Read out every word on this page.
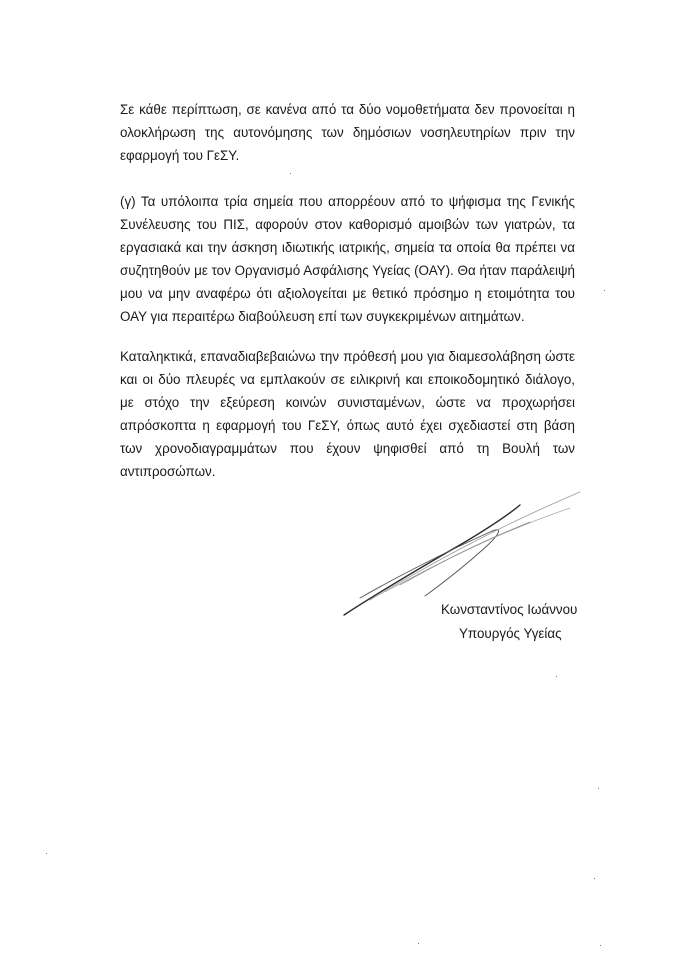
Σε κάθε περίπτωση, σε κανένα από τα δύο νομοθετήματα δεν προνοείται η ολοκλήρωση της αυτονόμησης των δημόσιων νοσηλευτηρίων πριν την εφαρμογή του ΓεΣΥ.

(γ) Τα υπόλοιπα τρία σημεία που απορρέουν από το ψήφισμα της Γενικής Συνέλευσης του ΠΙΣ, αφορούν στον καθορισμό αμοιβών των γιατρών, τα εργασιακά και την άσκηση ιδιωτικής ιατρικής, σημεία τα οποία θα πρέπει να συζητηθούν με τον Οργανισμό Ασφάλισης Υγείας (ΟΑΥ). Θα ήταν παράλειψή μου να μην αναφέρω ότι αξιολογείται με θετικό πρόσημο η ετοιμότητα του ΟΑΥ για περαιτέρω διαβούλευση επί των συγκεκριμένων αιτημάτων.

Καταληκτικά, επαναδιαβεβαιώνω την πρόθεσή μου για διαμεσολάβηση ώστε και οι δύο πλευρές να εμπλακούν σε ειλικρινή και εποικοδομητικό διάλογο, με στόχο την εξεύρεση κοινών συνισταμένων, ώστε να προχωρήσει απρόσκοπτα η εφαρμογή του ΓεΣΥ, όπως αυτό έχει σχεδιαστεί στη βάση των χρονοδιαγραμμάτων που έχουν ψηφισθεί από τη Βουλή των αντιπροσώπων.

Κωνσταντίνος Ιωάννου
Υπουργός Υγείας
